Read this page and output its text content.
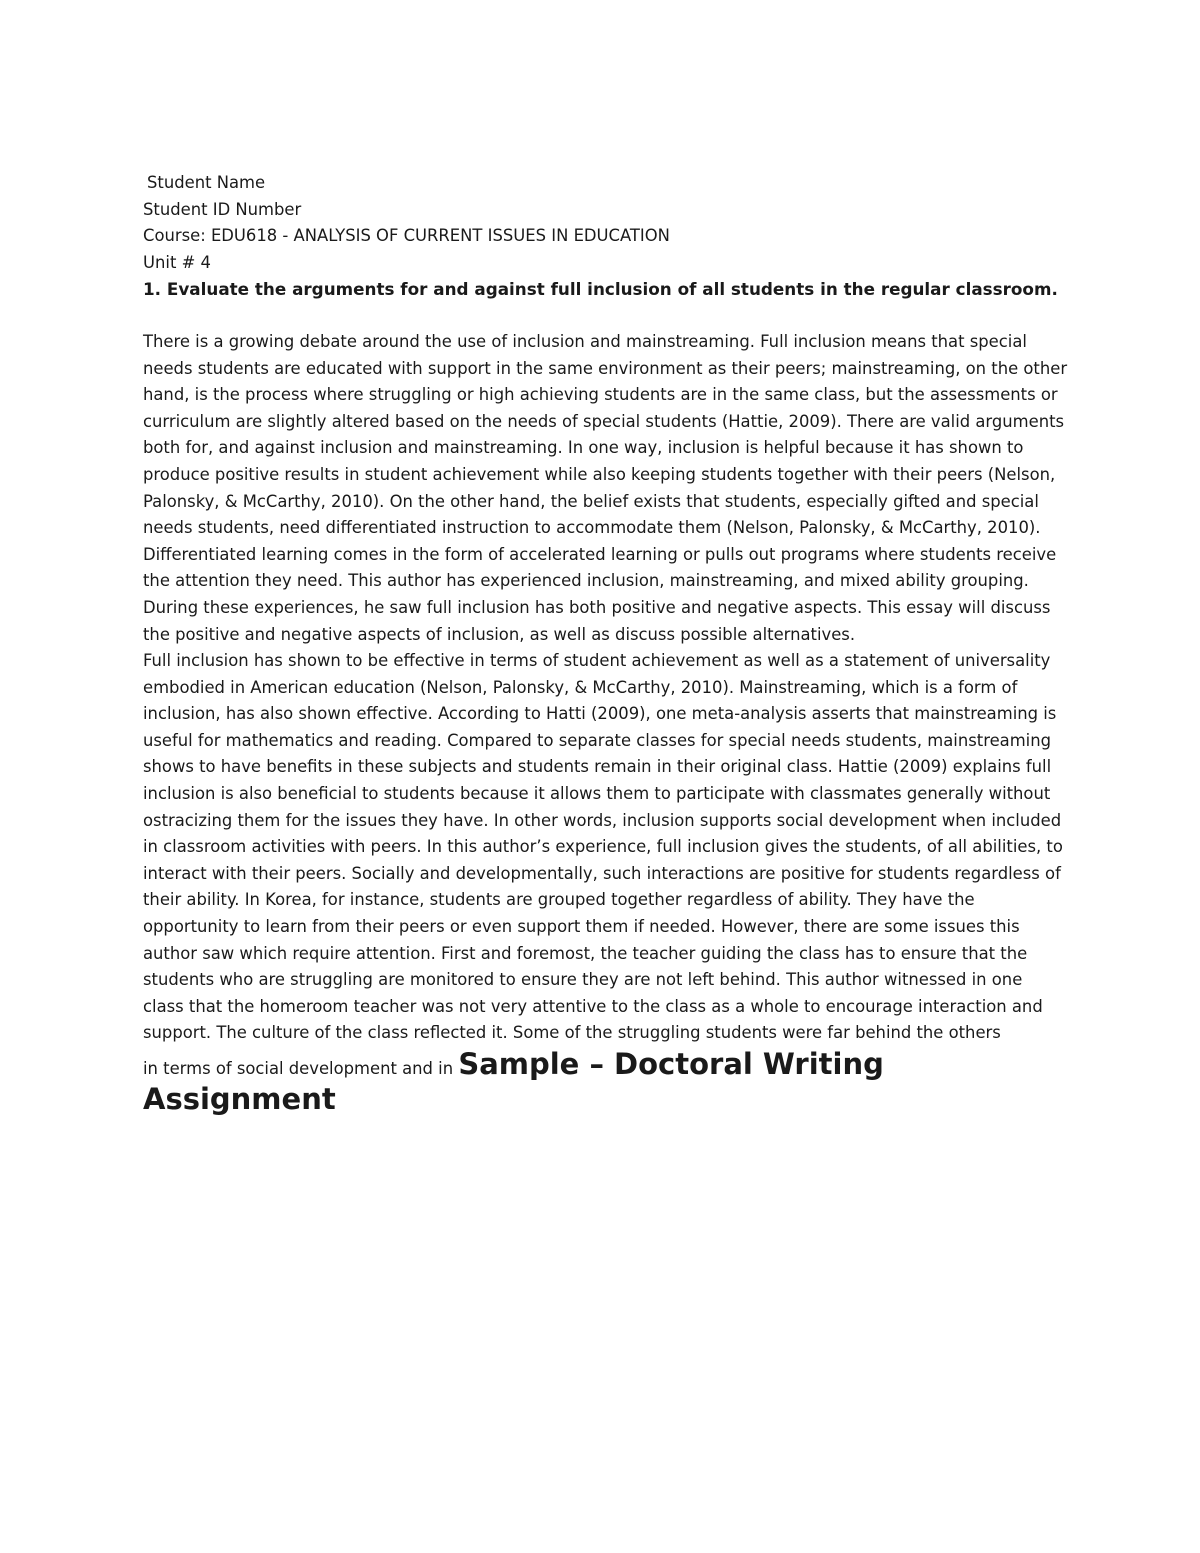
Student Name
Student ID Number
Course: EDU618 - ANALYSIS OF CURRENT ISSUES IN EDUCATION
Unit # 4
1. Evaluate the arguments for and against full inclusion of all students in the regular classroom.

There is a growing debate around the use of inclusion and mainstreaming. Full inclusion means that special needs students are educated with support in the same environment as their peers; mainstreaming, on the other hand, is the process where struggling or high achieving students are in the same class, but the assessments or curriculum are slightly altered based on the needs of special students (Hattie, 2009). There are valid arguments both for, and against inclusion and mainstreaming. In one way, inclusion is helpful because it has shown to produce positive results in student achievement while also keeping students together with their peers (Nelson, Palonsky, & McCarthy, 2010). On the other hand, the belief exists that students, especially gifted and special needs students, need differentiated instruction to accommodate them (Nelson, Palonsky, & McCarthy, 2010). Differentiated learning comes in the form of accelerated learning or pulls out programs where students receive the attention they need. This author has experienced inclusion, mainstreaming, and mixed ability grouping. During these experiences, he saw full inclusion has both positive and negative aspects. This essay will discuss the positive and negative aspects of inclusion, as well as discuss possible alternatives.

Full inclusion has shown to be effective in terms of student achievement as well as a statement of universality embodied in American education (Nelson, Palonsky, & McCarthy, 2010). Mainstreaming, which is a form of inclusion, has also shown effective. According to Hatti (2009), one meta-analysis asserts that mainstreaming is useful for mathematics and reading. Compared to separate classes for special needs students, mainstreaming shows to have benefits in these subjects and students remain in their original class. Hattie (2009) explains full inclusion is also beneficial to students because it allows them to participate with classmates generally without ostracizing them for the issues they have. In other words, inclusion supports social development when included in classroom activities with peers. In this author’s experience, full inclusion gives the students, of all abilities, to interact with their peers. Socially and developmentally, such interactions are positive for students regardless of their ability. In Korea, for instance, students are grouped together regardless of ability. They have the opportunity to learn from their peers or even support them if needed. However, there are some issues this author saw which require attention. First and foremost, the teacher guiding the class has to ensure that the students who are struggling are monitored to ensure they are not left behind. This author witnessed in one class that the homeroom teacher was not very attentive to the class as a whole to encourage interaction and support. The culture of the class reflected it. Some of the struggling students were far behind the others

in terms of social development and in Sample – Doctoral Writing Assignment
